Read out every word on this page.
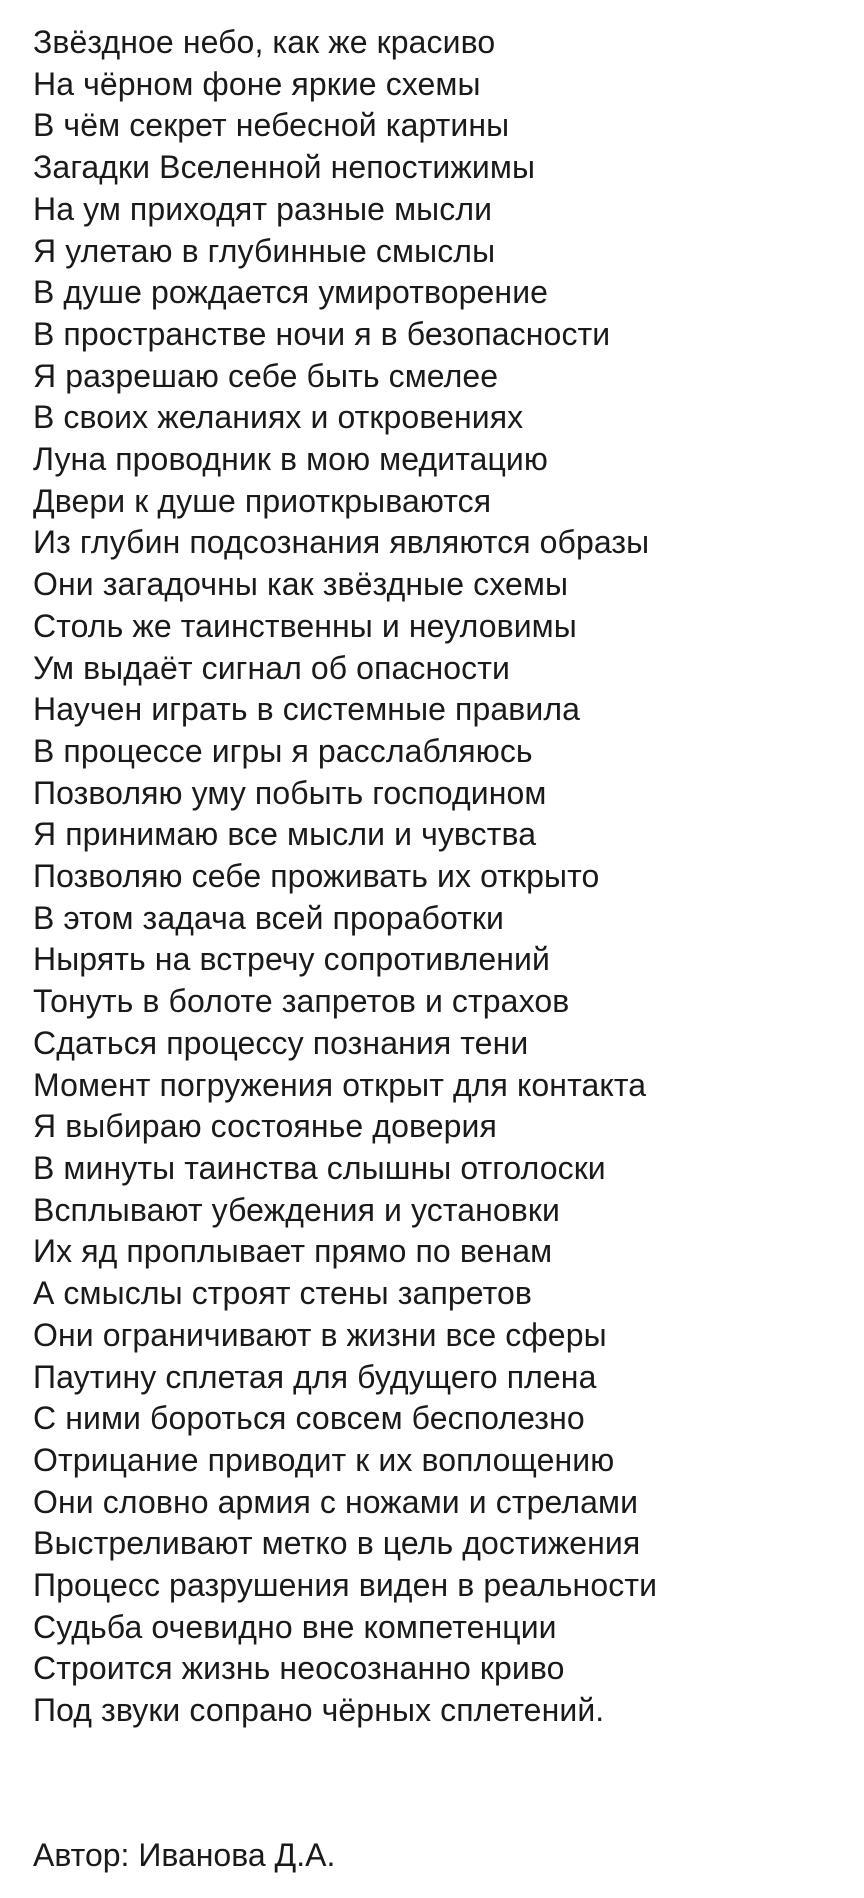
Звёздное небо, как же красиво
На чёрном фоне яркие схемы
В чём секрет небесной картины
Загадки Вселенной непостижимы
На ум приходят разные мысли
Я улетаю в глубинные смыслы
В душе рождается умиротворение
В пространстве ночи я в безопасности
Я разрешаю себе быть смелее
В своих желаниях и откровениях
Луна проводник в мою медитацию
Двери к душе приоткрываются
Из глубин подсознания являются образы
Они загадочны как звёздные схемы
Столь же таинственны и неуловимы
Ум выдаёт сигнал об опасности
Научен играть в системные правила
В процессе игры я расслабляюсь
Позволяю уму побыть господином
Я принимаю все мысли и чувства
Позволяю себе проживать их открыто
В этом задача всей проработки
Нырять на встречу сопротивлений
Тонуть в болоте запретов и страхов
Сдаться процессу познания тени
Момент погружения открыт для контакта
Я выбираю состоянье доверия
В минуты таинства слышны отголоски
Всплывают убеждения и установки
Их яд проплывает прямо по венам
А смыслы строят стены запретов
Они ограничивают в жизни все сферы
Паутину сплетая для будущего плена
С ними бороться совсем бесполезно
Отрицание приводит к их воплощению
Они словно армия с ножами и стрелами
Выстреливают метко в цель достижения
Процесс разрушения виден в реальности
Судьба очевидно вне компетенции
Строится жизнь неосознанно криво
Под звуки сопрано чёрных сплетений.
Автор: Иванова Д.А.
